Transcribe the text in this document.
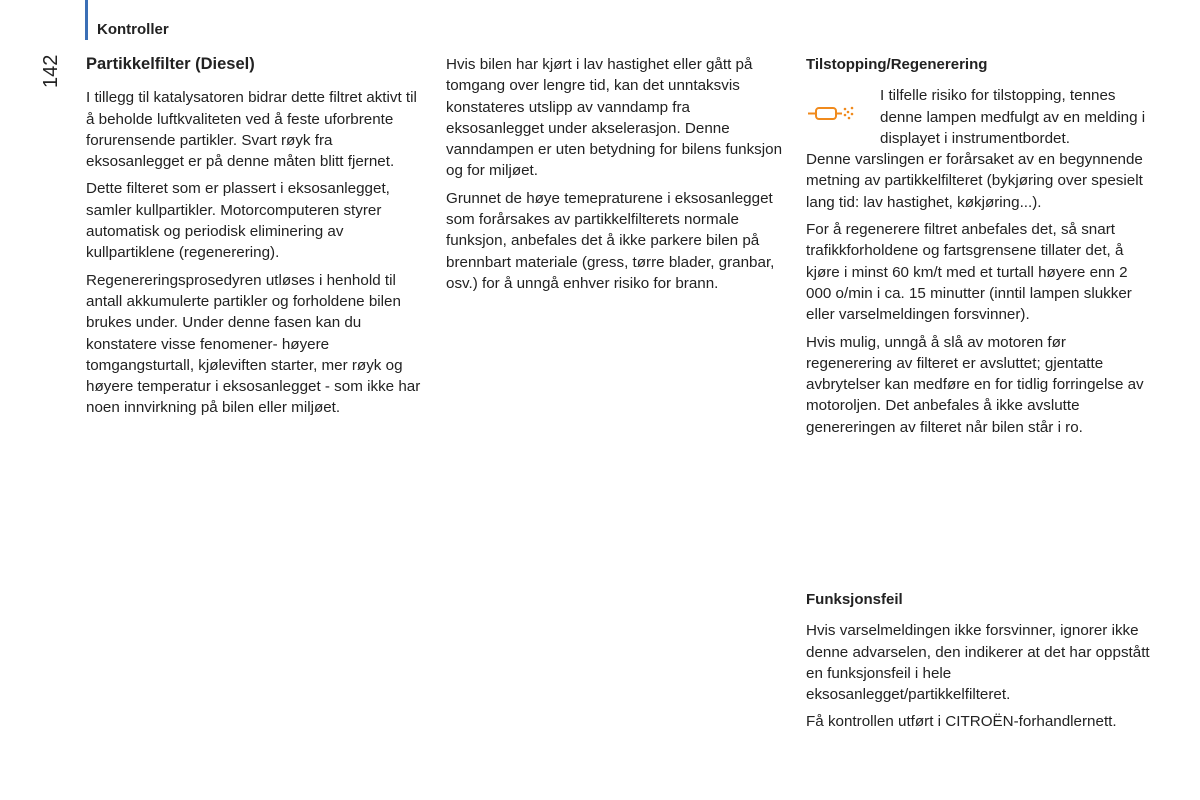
Kontroller
142 Partikkelfilter (Diesel)

I tillegg til katalysatoren bidrar dette filtret aktivt til å beholde luftkvaliteten ved å feste uforbrente forurensende partikler. Svart røyk fra eksosanlegget er på denne måten blitt fjernet.

Dette filteret som er plassert i eksosanlegget, samler kullpartikler. Motorcomputeren styrer automatisk og periodisk eliminering av kullpartiklene (regenerering).

Regenereringsprosedyren utløses i henhold til antall akkumulerte partikler og forholdene bilen brukes under. Under denne fasen kan du konstatere visse fenomener- høyere tomgangsturtall, kjøleviften starter, mer røyk og høyere temperatur i eksosanlegget - som ikke har noen innvirkning på bilen eller miljøet.

Hvis bilen har kjørt i lav hastighet eller gått på tomgang over lengre tid, kan det unntaksvis konstateres utslipp av vanndamp fra eksosanlegget under akselerasjon. Denne vanndampen er uten betydning for bilens funksjon og for miljøet.

Grunnet de høye temepraturene i eksosanlegget som forårsakes av partikkelfilterets normale funksjon, anbefales det å ikke parkere bilen på brennbart materiale (gress, tørre blader, granbar, osv.) for å unngå enhver risiko for brann.

Tilstopping/Regenerering
I tilfelle risiko for tilstopping, tennes denne lampen medfulgt av en melding i displayet i instrumentbordet.

Denne varslingen er forårsaket av en begynnende metning av partikkelfilteret (bykjøring over spesielt lang tid: lav hastighet, køkjøring...).

For å regenerere filtret anbefales det, så snart trafikkforholdene og fartsgrensene tillater det, å kjøre i minst 60 km/t med et turtall høyere enn 2 000 o/min i ca. 15 minutter (inntil lampen slukker eller varselmeldingen forsvinner).

Hvis mulig, unngå å slå av motoren før regenerering av filteret er avsluttet; gjentatte avbrytelser kan medføre en for tidlig forringelse av motoroljen. Det anbefales å ikke avslutte genereringen av filteret når bilen står i ro.

Funksjonsfeil

Hvis varselmeldingen ikke forsvinner, ignorer ikke denne advarselen, den indikerer at det har oppstått en funksjonsfeil i hele eksosanlegget/partikkelfilteret.

Få kontrollen utført i CITROËN-forhandlernett.
